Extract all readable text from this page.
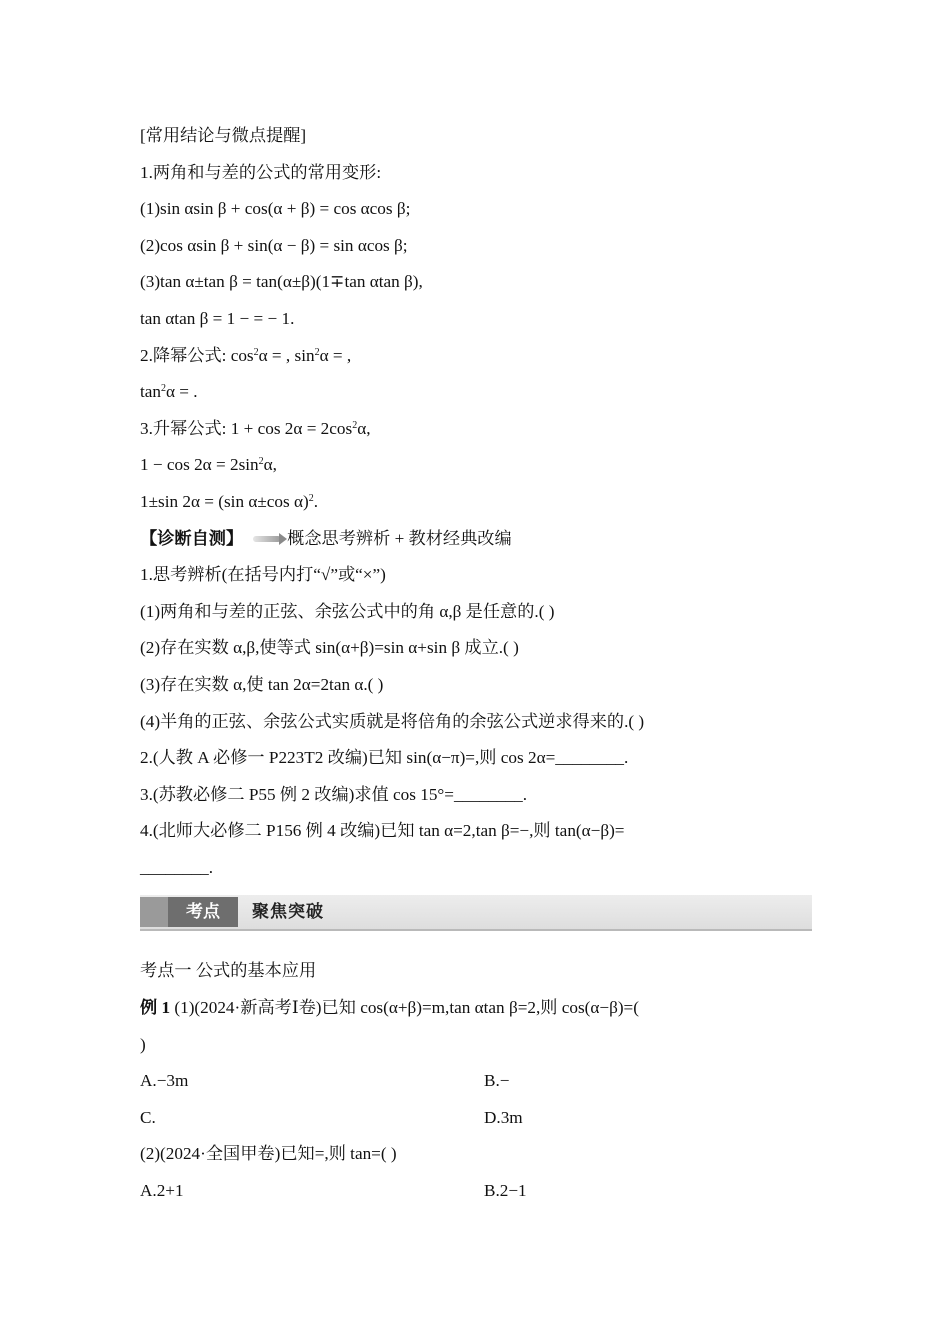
[常用结论与微点提醒]
1.两角和与差的公式的常用变形:
(1)sin αsin β + cos(α + β) = cos αcos β;
(2)cos αsin β + sin(α − β) = sin αcos β;
(3)tan α±tan β = tan(α±β)(1∓tan αtan β),
tan αtan β = 1 − = − 1.
2.降幂公式: $\cos^2\alpha$ = , $\sin^2\alpha$ = ,
$\tan^2\alpha$ = .
3.升幂公式: $1 + \cos 2\alpha = 2\cos^2\alpha$,
$1 - \cos 2\alpha = 2\sin^2\alpha$,
1±sin 2α = (sin α±cos α)$^2$.
【诊断自测】	概念思考辨析 + 教材经典改编
1.思考辨析(在括号内打“√”或“×”)
(1)两角和与差的正弦、余弦公式中的角 α,β 是任意的.( )
(2)存在实数 α,β,使等式 sin(α+β)=sin α+sin β 成立.( )
(3)存在实数 α,使 tan 2α=2tan α.( )
(4)半角的正弦、余弦公式实质就是将倍角的余弦公式逆求得来的.( )
2.(人教 A 必修一 P223T2 改编)已知 sin(α−π)=,则 cos 2α=________.
3.(苏教必修二 P55 例 2 改编)求值 cos 15°=________.
4.(北师大必修二 P156 例 4 改编)已知 tan α=2,tan β=−,则 tan(α−β)=
________.
考点	聚焦突破
考点一 公式的基本应用
例 1 (1)(2024·新高考Ⅰ卷)已知 cos(α+β)=m,tan αtan β=2,则 cos(α−β)=(
)
A.−3m	B.−
C.	D.3m
(2)(2024·全国甲卷)已知=,则 tan=( )
A.2+1	B.2−1
